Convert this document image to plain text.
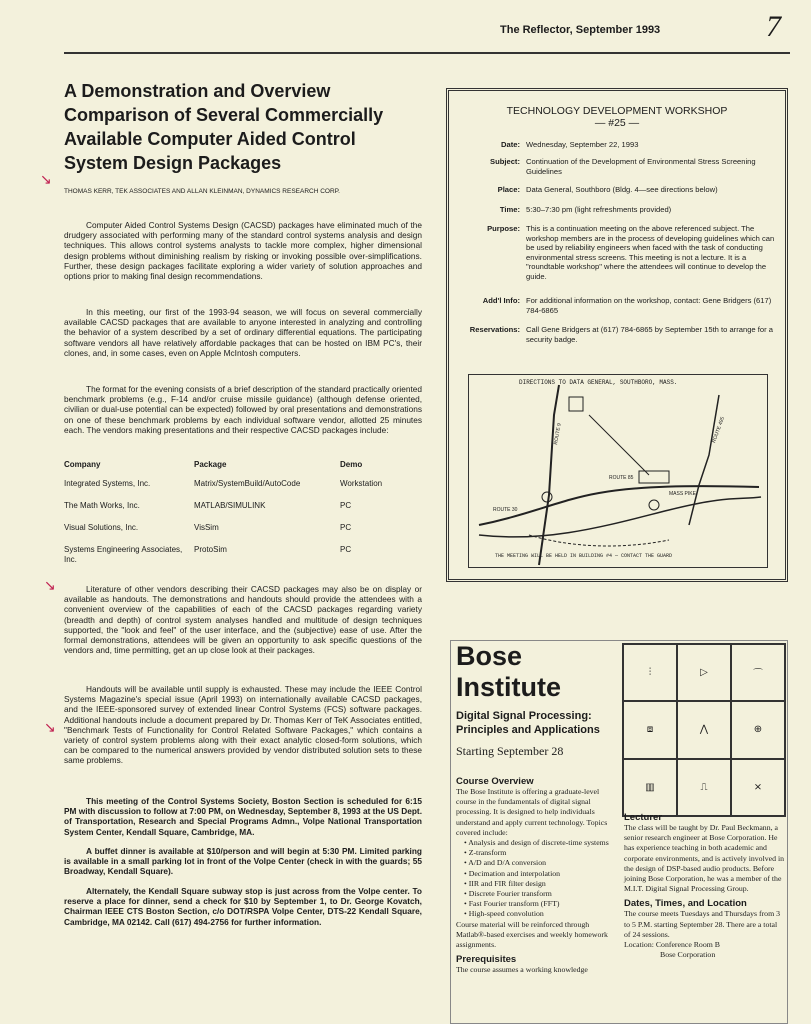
The Reflector, September 1993	7
A Demonstration and Overview Comparison of Several Commercially Available Computer Aided Control System Design Packages
↘
THOMAS KERR, TEK ASSOCIATES AND ALLAN KLEINMAN, DYNAMICS RESEARCH CORP.

Computer Aided Control Systems Design (CACSD) packages have eliminated much of the drudgery associated with performing many of the standard control systems analysis and design techniques. This allows control systems analysts to tackle more complex, higher dimensional design problems without diminishing realism by risking or invoking possible over-simplifications. Further, these design packages facilitate exploring a wider variety of solution approaches and options prior to making final design recommendations.

In this meeting, our first of the 1993-94 season, we will focus on several commercially available CACSD packages that are available to anyone interested in analyzing and controlling the behavior of a system described by a set of ordinary differential equations. The participating software vendors all have relatively affordable packages that can be hosted on IBM PC's, their clones, and, in some cases, even on Apple McIntosh computers.

The format for the evening consists of a brief description of the standard practically oriented benchmark problems (e.g., F-14 and/or cruise missile guidance) (although defense oriented, civilian or dual-use potential can be expected) followed by oral presentations and demonstrations on one of these benchmark problems by each individual software vendor, allotted 25 minutes each. The vendors making presentations and their respective CACSD packages include:

Company	Package	Demo
Integrated Systems, Inc.	Matrix/SystemBuild/AutoCode	Workstation
The Math Works, Inc.	MATLAB/SIMULINK	PC
Visual Solutions, Inc.	VisSim	PC
Systems Engineering Associates, Inc.	ProtoSim	PC
↘	Literature of other vendors describing their CACSD packages may also be on display or available as handouts. The demonstrations and handouts should provide the attendees with a convenient overview of the capabilities of each of the CACSD packages regarding variety (breadth and depth) of control system analyses handled and multitude of design techniques supported, the "look and feel" of the user interface, and the (subjective) ease of use. After the formal demonstrations, attendees will be given an opportunity to ask specific questions of the vendors and, time permitting, get an up close look at their packages.

↘

Handouts will be available until supply is exhausted. These may include the IEEE Control Systems Magazine's special issue (April 1993) on internationally available CACSD packages, and the IEEE-sponsored survey of extended linear Control Systems (FCS) software packages. Additional handouts include a document prepared by Dr. Thomas Kerr of TeK Associates entitled, "Benchmark Tests of Functionality for Control Related Software Packages," which contains a variety of control system problems along with their exact analytic closed-form solutions, which can be compared to the numerical answers provided by vendor distributed solution sets to these same problems.

This meeting of the Control Systems Society, Boston Section is scheduled for 6:15 PM with discussion to follow at 7:00 PM, on Wednesday, September 8, 1993 at the US Dept. of Transportation, Research and Special Programs Admn., Volpe National Transportation System Center, Kendall Square, Cambridge, MA.

A buffet dinner is available at $10/person and will begin at 5:30 PM. Limited parking is available in a small parking lot in front of the Volpe Center (check in with the guards; 55 Broadway, Kendall Square).

Alternately, the Kendall Square subway stop is just across from the Volpe center. To reserve a place for dinner, send a check for $10 by September 1, to Dr. George Kovatch, Chairman IEEE CTS Boston Section, c/o DOT/RSPA Volpe Center, DTS-22 Kendall Square, Cambridge, MA 02142. Call (617) 494-2756 for further information.

TECHNOLOGY DEVELOPMENT WORKSHOP
— #25 —
Date: Wednesday, September 22, 1993
Subject: Continuation of the Development of Environmental Stress Screening Guidelines
Place: Data General, Southboro (Bldg. 4—see directions below)
Time: 5:30–7:30 pm (light refreshments provided)
Purpose: This is a continuation meeting on the above referenced subject. The workshop members are in the process of developing guidelines which can be used by reliability engineers when faced with the task of conducting environmental stress screens. This meeting is not a lecture. It is a "roundtable workshop" where the attendees will continue to develop the guide.
Add'l Info: For additional information on the workshop, contact: Gene Bridgers (617) 784-6865
Reservations: Call Gene Bridgers at (617) 784-6865 by September 15th to arrange for a security badge.
DIRECTIONS TO DATA GENERAL, SOUTHBORO, MASS.
ROUTE 9	ROUTE 495
MASS PIKE
ROUTE 85
ROUTE 30
THE MEETING WILL BE HELD IN BUILDING #4 — CONTACT THE GUARD
Bose
Institute
Digital Signal Processing: Principles and Applications
Starting September 28
⫶	▷	⌒
⧈	⋀	⊕
▥	⎍	⨯
Course Overview

The Bose Institute is offering a graduate-level course in the fundamentals of digital signal processing. It is designed to help individuals understand and apply current technology. Topics covered include:

• Analysis and design of discrete-time systems
• Z-transform
• A/D and D/A conversion
• Decimation and interpolation
• IIR and FIR filter design
• Discrete Fourier transform
• Fast Fourier transform (FFT)
• High-speed convolution

Course material will be reinforced through Matlab®-based exercises and weekly homework assignments.

Prerequisites

The course assumes a working knowledge

Lecturer

The class will be taught by Dr. Paul Beckmann, a senior research engineer at Bose Corporation. He has experience teaching in both academic and corporate environments, and is actively involved in the design of DSP-based audio products. Before joining Bose Corporation, he was a member of the M.I.T. Digital Signal Processing Group.

Dates, Times, and Location

The course meets Tuesdays and Thursdays from 3 to 5 P.M. starting September 28. There are a total of 24 sessions.

Location: Conference Room B

Bose Corporation
